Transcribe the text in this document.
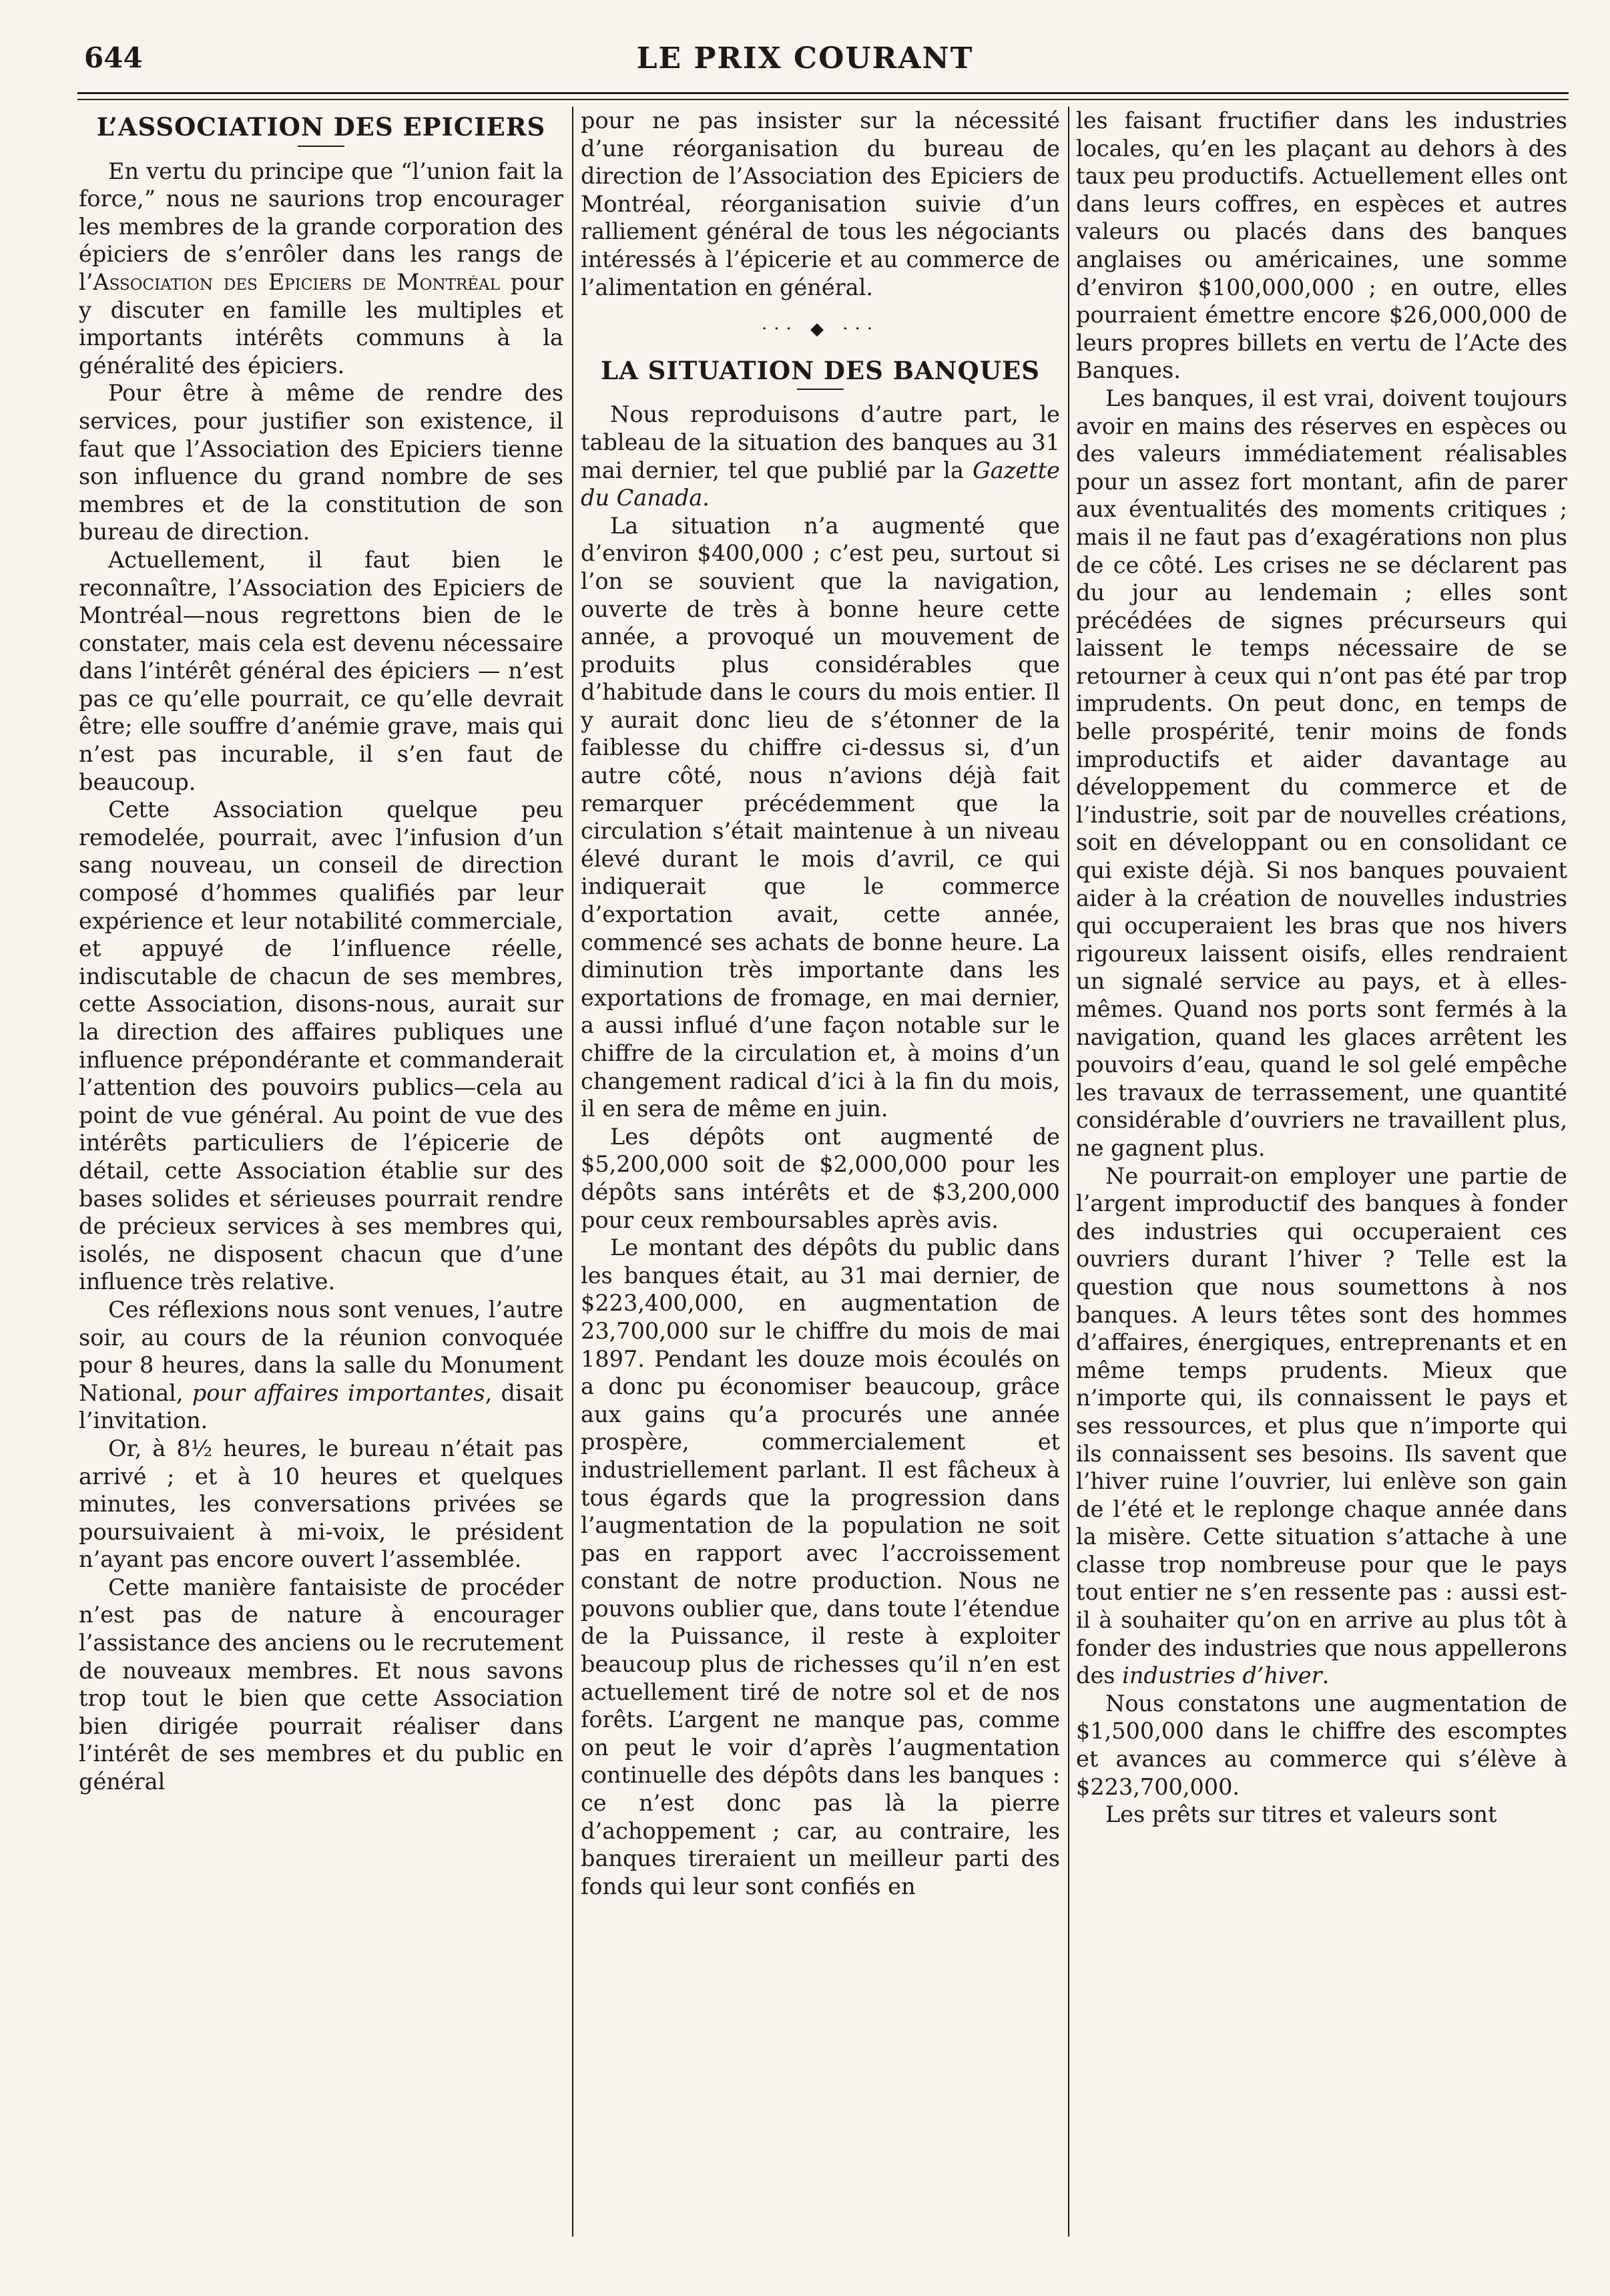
644	LE PRIX COURANT
L’ASSOCIATION DES EPICIERS

En vertu du principe que “l’union fait la force,” nous ne saurions trop encourager les membres de la grande corporation des épiciers de s’enrôler dans les rangs de l’Association des Epiciers de Montréal pour y discuter en famille les multiples et importants intérêts communs à la généralité des épiciers.

Pour être à même de rendre des services, pour justifier son existence, il faut que l’Association des Epiciers tienne son influence du grand nombre de ses membres et de la constitution de son bureau de direction.

Actuellement, il faut bien le reconnaître, l’Association des Epiciers de Montréal—nous regrettons bien de le constater, mais cela est devenu nécessaire dans l’intérêt général des épiciers — n’est pas ce qu’elle pourrait, ce qu’elle devrait être; elle souffre d’anémie grave, mais qui n’est pas incurable, il s’en faut de beaucoup.

Cette Association quelque peu remodelée, pourrait, avec l’infusion d’un sang nouveau, un conseil de direction composé d’hommes qualifiés par leur expérience et leur notabilité commerciale, et appuyé de l’influence réelle, indiscutable de chacun de ses membres, cette Association, disons-nous, aurait sur la direction des affaires publiques une influence prépondérante et commanderait l’attention des pouvoirs publics—cela au point de vue général. Au point de vue des intérêts particuliers de l’épicerie de détail, cette Association établie sur des bases solides et sérieuses pourrait rendre de précieux services à ses membres qui, isolés, ne disposent chacun que d’une influence très relative.

Ces réflexions nous sont venues, l’autre soir, au cours de la réunion convoquée pour 8 heures, dans la salle du Monument National, pour affaires importantes, disait l’invitation.

Or, à 8½ heures, le bureau n’était pas arrivé ; et à 10 heures et quelques minutes, les conversations privées se poursuivaient à mi-voix, le président n’ayant pas encore ouvert l’assemblée.

Cette manière fantaisiste de procéder n’est pas de nature à encourager l’assistance des anciens ou le recrutement de nouveaux membres. Et nous savons trop tout le bien que cette Association bien dirigée pourrait réaliser dans l’intérêt de ses membres et du public en général

pour ne pas insister sur la nécessité d’une réorganisation du bureau de direction de l’Association des Epiciers de Montréal, réorganisation suivie d’un ralliement général de tous les négociants intéressés à l’épicerie et au commerce de l’alimentation en général.

··· ◆ ···
LA SITUATION DES BANQUES

Nous reproduisons d’autre part, le tableau de la situation des banques au 31 mai dernier, tel que publié par la Gazette du Canada.

La situation n’a augmenté que d’environ $400,000 ; c’est peu, surtout si l’on se souvient que la navigation, ouverte de très à bonne heure cette année, a provoqué un mouvement de produits plus considérables que d’habitude dans le cours du mois entier. Il y aurait donc lieu de s’étonner de la faiblesse du chiffre ci-dessus si, d’un autre côté, nous n’avions déjà fait remarquer précédemment que la circulation s’était maintenue à un niveau élevé durant le mois d’avril, ce qui indiquerait que le commerce d’exportation avait, cette année, commencé ses achats de bonne heure. La diminution très importante dans les exportations de fromage, en mai dernier, a aussi influé d’une façon notable sur le chiffre de la circulation et, à moins d’un changement radical d’ici à la fin du mois, il en sera de même en juin.

Les dépôts ont augmenté de $5,200,000 soit de $2,000,000 pour les dépôts sans intérêts et de $3,200,000 pour ceux remboursables après avis.

Le montant des dépôts du public dans les banques était, au 31 mai dernier, de $223,400,000, en augmentation de 23,700,000 sur le chiffre du mois de mai 1897. Pendant les douze mois écoulés on a donc pu économiser beaucoup, grâce aux gains qu’a procurés une année prospère, commercialement et industriellement parlant. Il est fâcheux à tous égards que la progression dans l’augmentation de la population ne soit pas en rapport avec l’accroissement constant de notre production. Nous ne pouvons oublier que, dans toute l’étendue de la Puissance, il reste à exploiter beaucoup plus de richesses qu’il n’en est actuellement tiré de notre sol et de nos forêts. L’argent ne manque pas, comme on peut le voir d’après l’augmentation continuelle des dépôts dans les banques : ce n’est donc pas là la pierre d’achoppement ; car, au contraire, les banques tireraient un meilleur parti des fonds qui leur sont confiés en

les faisant fructifier dans les industries locales, qu’en les plaçant au dehors à des taux peu productifs. Actuellement elles ont dans leurs coffres, en espèces et autres valeurs ou placés dans des banques anglaises ou américaines, une somme d’environ $100,000,000 ; en outre, elles pourraient émettre encore $26,000,000 de leurs propres billets en vertu de l’Acte des Banques.

Les banques, il est vrai, doivent toujours avoir en mains des réserves en espèces ou des valeurs immédiatement réalisables pour un assez fort montant, afin de parer aux éventualités des moments critiques ; mais il ne faut pas d’exagérations non plus de ce côté. Les crises ne se déclarent pas du jour au lendemain ; elles sont précédées de signes précurseurs qui laissent le temps nécessaire de se retourner à ceux qui n’ont pas été par trop imprudents. On peut donc, en temps de belle prospérité, tenir moins de fonds improductifs et aider davantage au développement du commerce et de l’industrie, soit par de nouvelles créations, soit en développant ou en consolidant ce qui existe déjà. Si nos banques pouvaient aider à la création de nouvelles industries qui occuperaient les bras que nos hivers rigoureux laissent oisifs, elles rendraient un signalé service au pays, et à elles-mêmes. Quand nos ports sont fermés à la navigation, quand les glaces arrêtent les pouvoirs d’eau, quand le sol gelé empêche les travaux de terrassement, une quantité considérable d’ouvriers ne travaillent plus, ne gagnent plus.

Ne pourrait-on employer une partie de l’argent improductif des banques à fonder des industries qui occuperaient ces ouvriers durant l’hiver ? Telle est la question que nous soumettons à nos banques. A leurs têtes sont des hommes d’affaires, énergiques, entreprenants et en même temps prudents. Mieux que n’importe qui, ils connaissent le pays et ses ressources, et plus que n’importe qui ils connaissent ses besoins. Ils savent que l’hiver ruine l’ouvrier, lui enlève son gain de l’été et le replonge chaque année dans la misère. Cette situation s’attache à une classe trop nombreuse pour que le pays tout entier ne s’en ressente pas : aussi est-il à souhaiter qu’on en arrive au plus tôt à fonder des industries que nous appellerons des industries d’hiver.

Nous constatons une augmentation de $1,500,000 dans le chiffre des escomptes et avances au commerce qui s’élève à $223,700,000.

Les prêts sur titres et valeurs sont
